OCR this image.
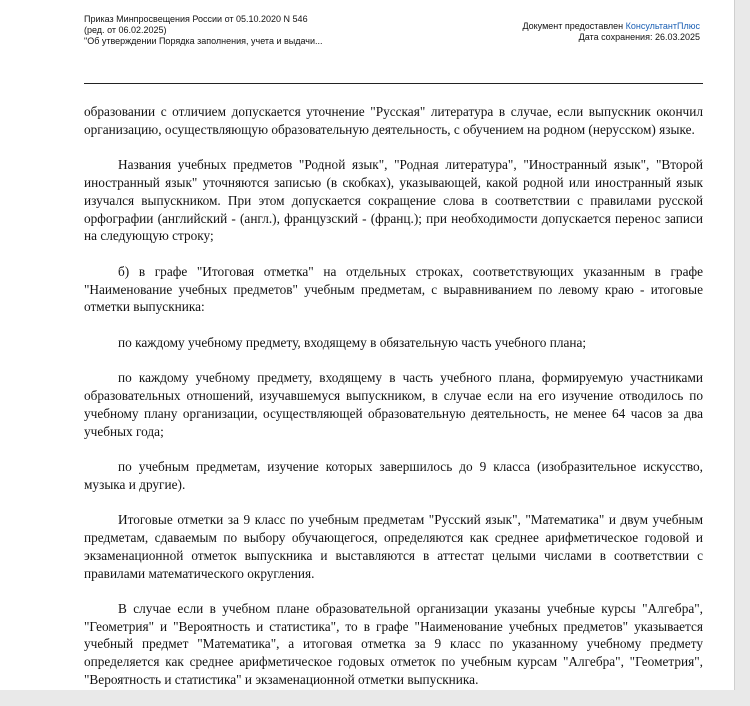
Приказ Минпросвещения России от 05.10.2020 N 546
(ред. от 06.02.2025)
"Об утверждении Порядка заполнения, учета и выдачи...
Документ предоставлен КонсультантПлюс
Дата сохранения: 26.03.2025

образовании с отличием допускается уточнение "Русская" литература в случае, если выпускник окончил организацию, осуществляющую образовательную деятельность, с обучением на родном (нерусском) языке.

Названия учебных предметов "Родной язык", "Родная литература", "Иностранный язык", "Второй иностранный язык" уточняются записью (в скобках), указывающей, какой родной или иностранный язык изучался выпускником. При этом допускается сокращение слова в соответствии с правилами русской орфографии (английский - (англ.), французский - (франц.); при необходимости допускается перенос записи на следующую строку;

б) в графе "Итоговая отметка" на отдельных строках, соответствующих указанным в графе "Наименование учебных предметов" учебным предметам, с выравниванием по левому краю - итоговые отметки выпускника:

по каждому учебному предмету, входящему в обязательную часть учебного плана;

по каждому учебному предмету, входящему в часть учебного плана, формируемую участниками образовательных отношений, изучавшемуся выпускником, в случае если на его изучение отводилось по учебному плану организации, осуществляющей образовательную деятельность, не менее 64 часов за два учебных года;

по учебным предметам, изучение которых завершилось до 9 класса (изобразительное искусство, музыка и другие).

Итоговые отметки за 9 класс по учебным предметам "Русский язык", "Математика" и двум учебным предметам, сдаваемым по выбору обучающегося, определяются как среднее арифметическое годовой и экзаменационной отметок выпускника и выставляются в аттестат целыми числами в соответствии с правилами математического округления.

В случае если в учебном плане образовательной организации указаны учебные курсы "Алгебра", "Геометрия" и "Вероятность и статистика", то в графе "Наименование учебных предметов" указывается учебный предмет "Математика", а итоговая отметка за 9 класс по указанному учебному предмету определяется как среднее арифметическое годовых отметок по учебным курсам "Алгебра", "Геометрия", "Вероятность и статистика" и экзаменационной отметки выпускника.
